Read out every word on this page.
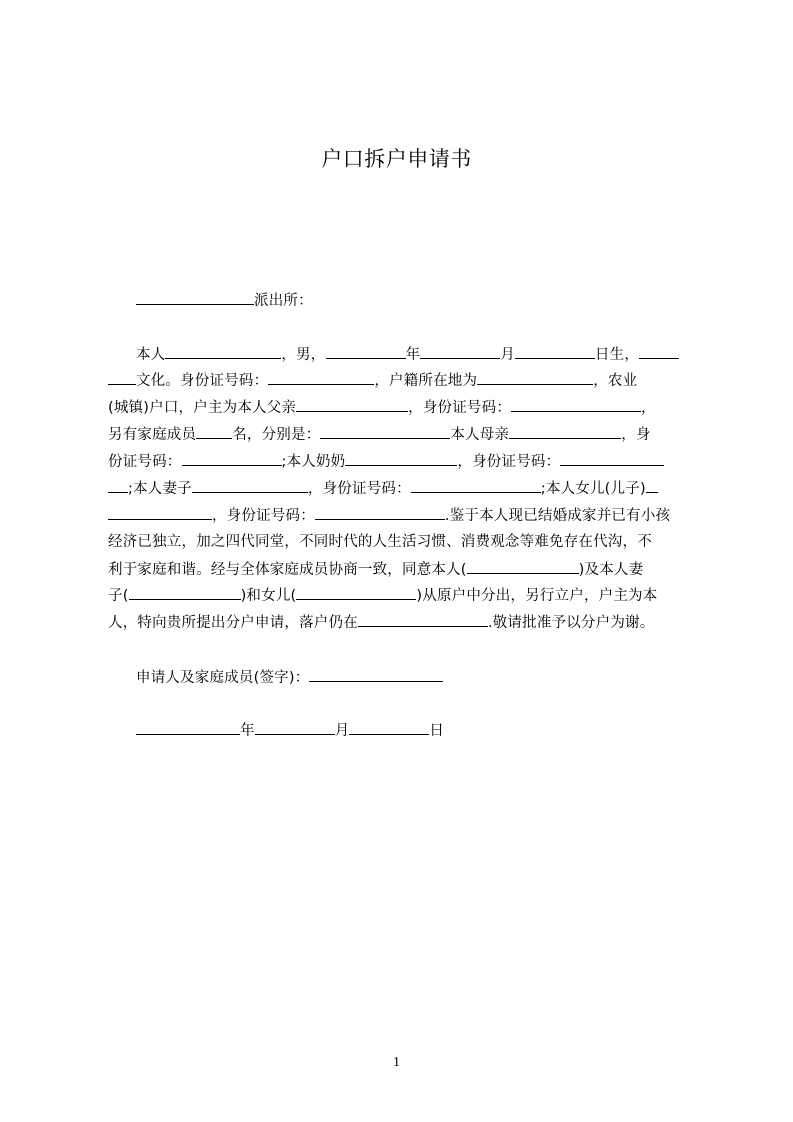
户口拆户申请书
派出所：
本人	，男，	年	月	日生，
文化。身份证号码：	，户籍所在地为	，农业
(城镇)户口，户主为本人父亲	，身份证号码：	，
另有家庭成员 名，分别是：	本人母亲	，身
份证号码：	;本人奶奶	，身份证号码：
;本人妻子	，身份证号码：	;本人女儿(儿子)
，身份证号码：	.鉴于本人现已结婚成家并已有小孩
经济已独立，加之四代同堂，不同时代的人生活习惯、消费观念等难免存在代沟，不
利于家庭和谐。经与全体家庭成员协商一致，同意本人(	)及本人妻
子(	)和女儿(	)从原户中分出，另行立户，户主为本
人，特向贵所提出分户申请，落户仍在	.敬请批准予以分户为谢。
申请人及家庭成员(签字)：
年	月	日
1
